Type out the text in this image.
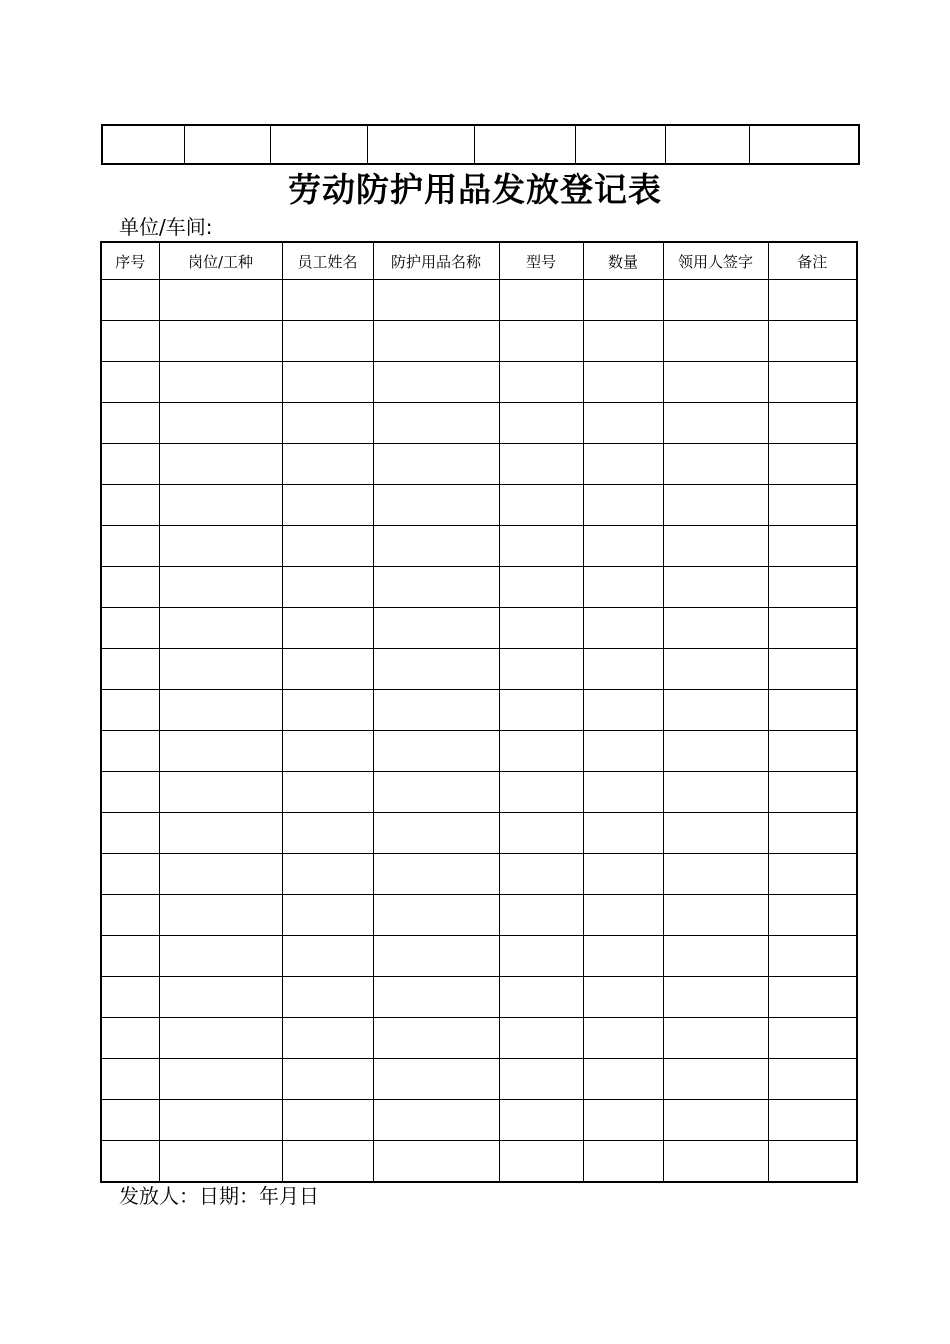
劳动防护用品发放登记表
单位/车间:
序号	岗位/工种	员工姓名	防护用品名称	型号	数量	领用人签字	备注

发放人：日期：年月日
